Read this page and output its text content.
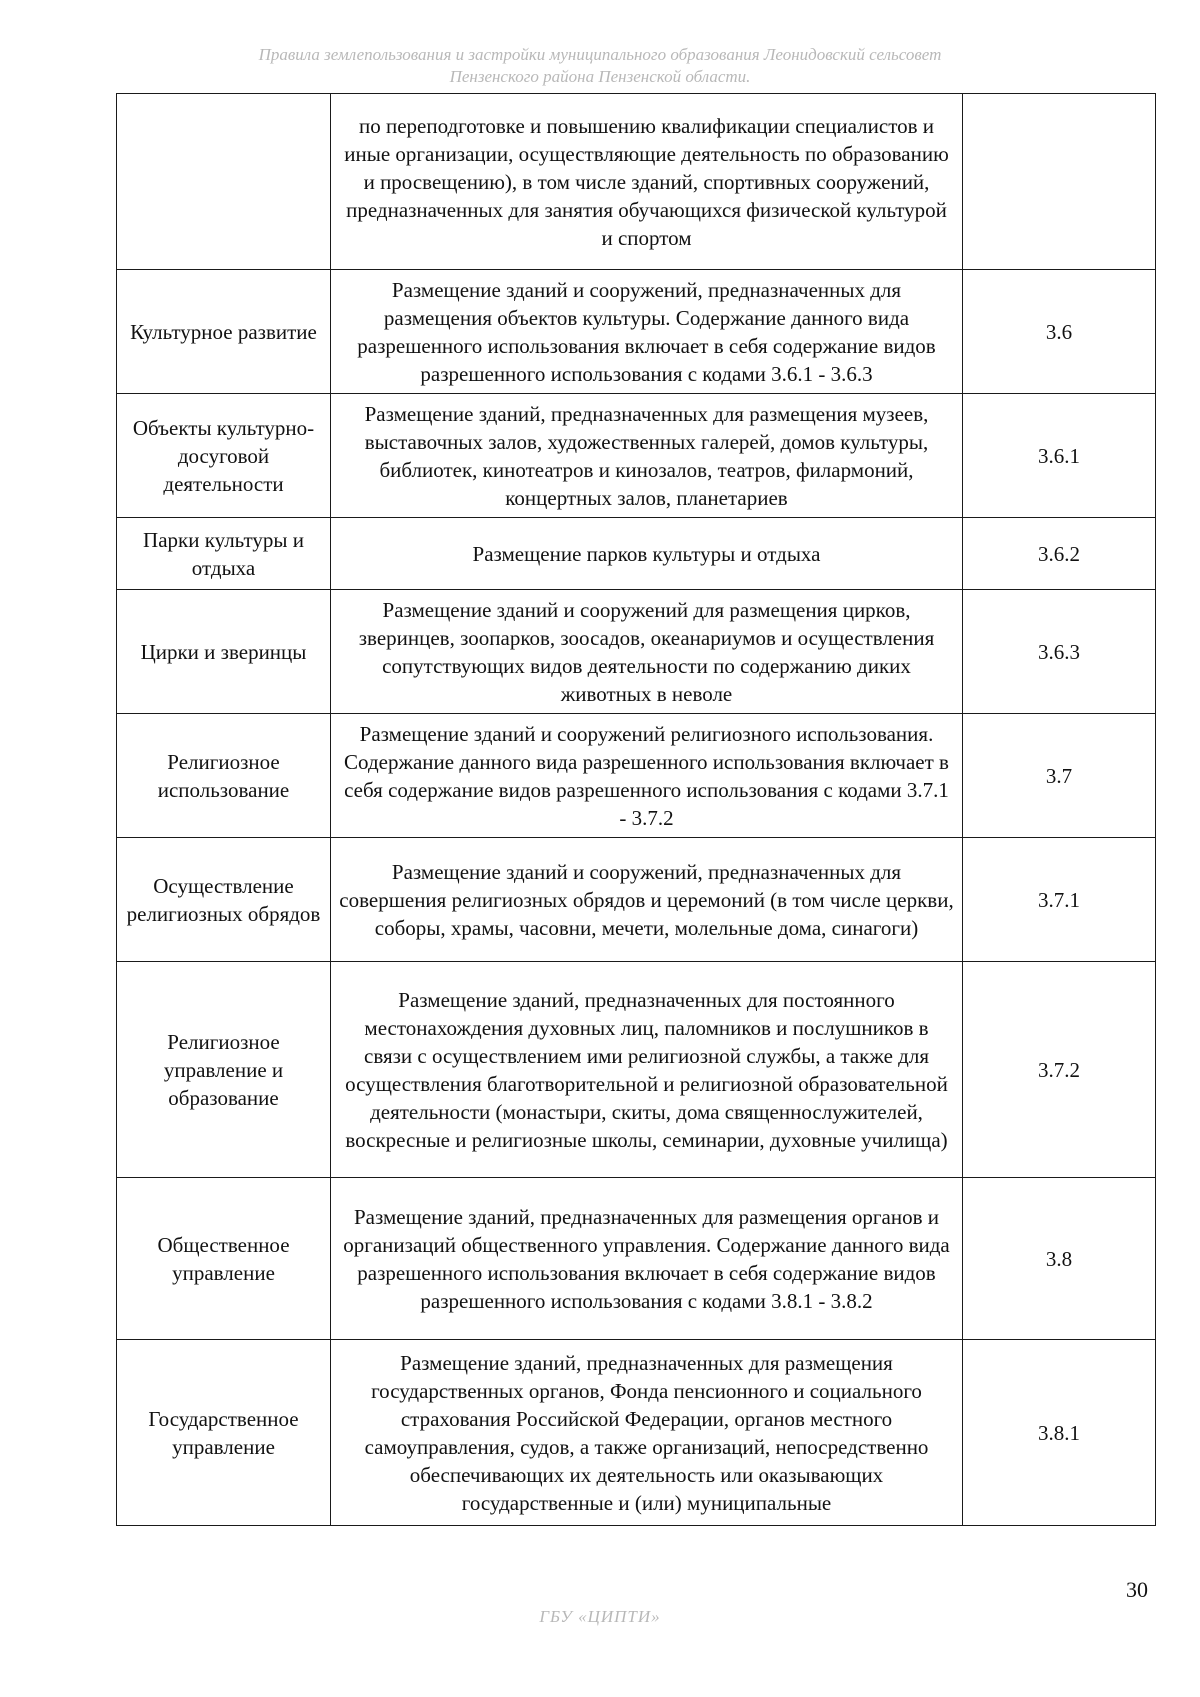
Правила землепользования и застройки муниципального образования Леонидовский сельсовет
Пензенского района Пензенской области.
	по переподготовке и повышению квалификации специалистов и иные организации, осуществляющие деятельность по образованию и просвещению), в том числе зданий, спортивных сооружений, предназначенных для занятия обучающихся физической культурой и спортом	
Культурное развитие	Размещение зданий и сооружений, предназначенных для размещения объектов культуры. Содержание данного вида разрешенного использования включает в себя содержание видов разрешенного использования с кодами 3.6.1 - 3.6.3	3.6
Объекты культурно-досуговой деятельности	Размещение зданий, предназначенных для размещения музеев, выставочных залов, художественных галерей, домов культуры, библиотек, кинотеатров и кинозалов, театров, филармоний, концертных залов, планетариев	3.6.1
Парки культуры и отдыха	Размещение парков культуры и отдыха	3.6.2
Цирки и зверинцы	Размещение зданий и сооружений для размещения цирков, зверинцев, зоопарков, зоосадов, океанариумов и осуществления сопутствующих видов деятельности по содержанию диких животных в неволе	3.6.3
Религиозное использование	Размещение зданий и сооружений религиозного использования. Содержание данного вида разрешенного использования включает в себя содержание видов разрешенного использования с кодами 3.7.1 - 3.7.2	3.7
Осуществление религиозных обрядов	Размещение зданий и сооружений, предназначенных для совершения религиозных обрядов и церемоний (в том числе церкви, соборы, храмы, часовни, мечети, молельные дома, синагоги)	3.7.1
Религиозное управление и образование	Размещение зданий, предназначенных для постоянного местонахождения духовных лиц, паломников и послушников в связи с осуществлением ими религиозной службы, а также для осуществления благотворительной и религиозной образовательной деятельности (монастыри, скиты, дома священнослужителей, воскресные и религиозные школы, семинарии, духовные училища)	3.7.2
Общественное управление	Размещение зданий, предназначенных для размещения органов и организаций общественного управления. Содержание данного вида разрешенного использования включает в себя содержание видов разрешенного использования с кодами 3.8.1 - 3.8.2	3.8
Государственное управление	Размещение зданий, предназначенных для размещения государственных органов, Фонда пенсионного и социального страхования Российской Федерации, органов местного самоуправления, судов, а также организаций, непосредственно обеспечивающих их деятельность или оказывающих государственные и (или) муниципальные	3.8.1
30
ГБУ «ЦИПТИ»
